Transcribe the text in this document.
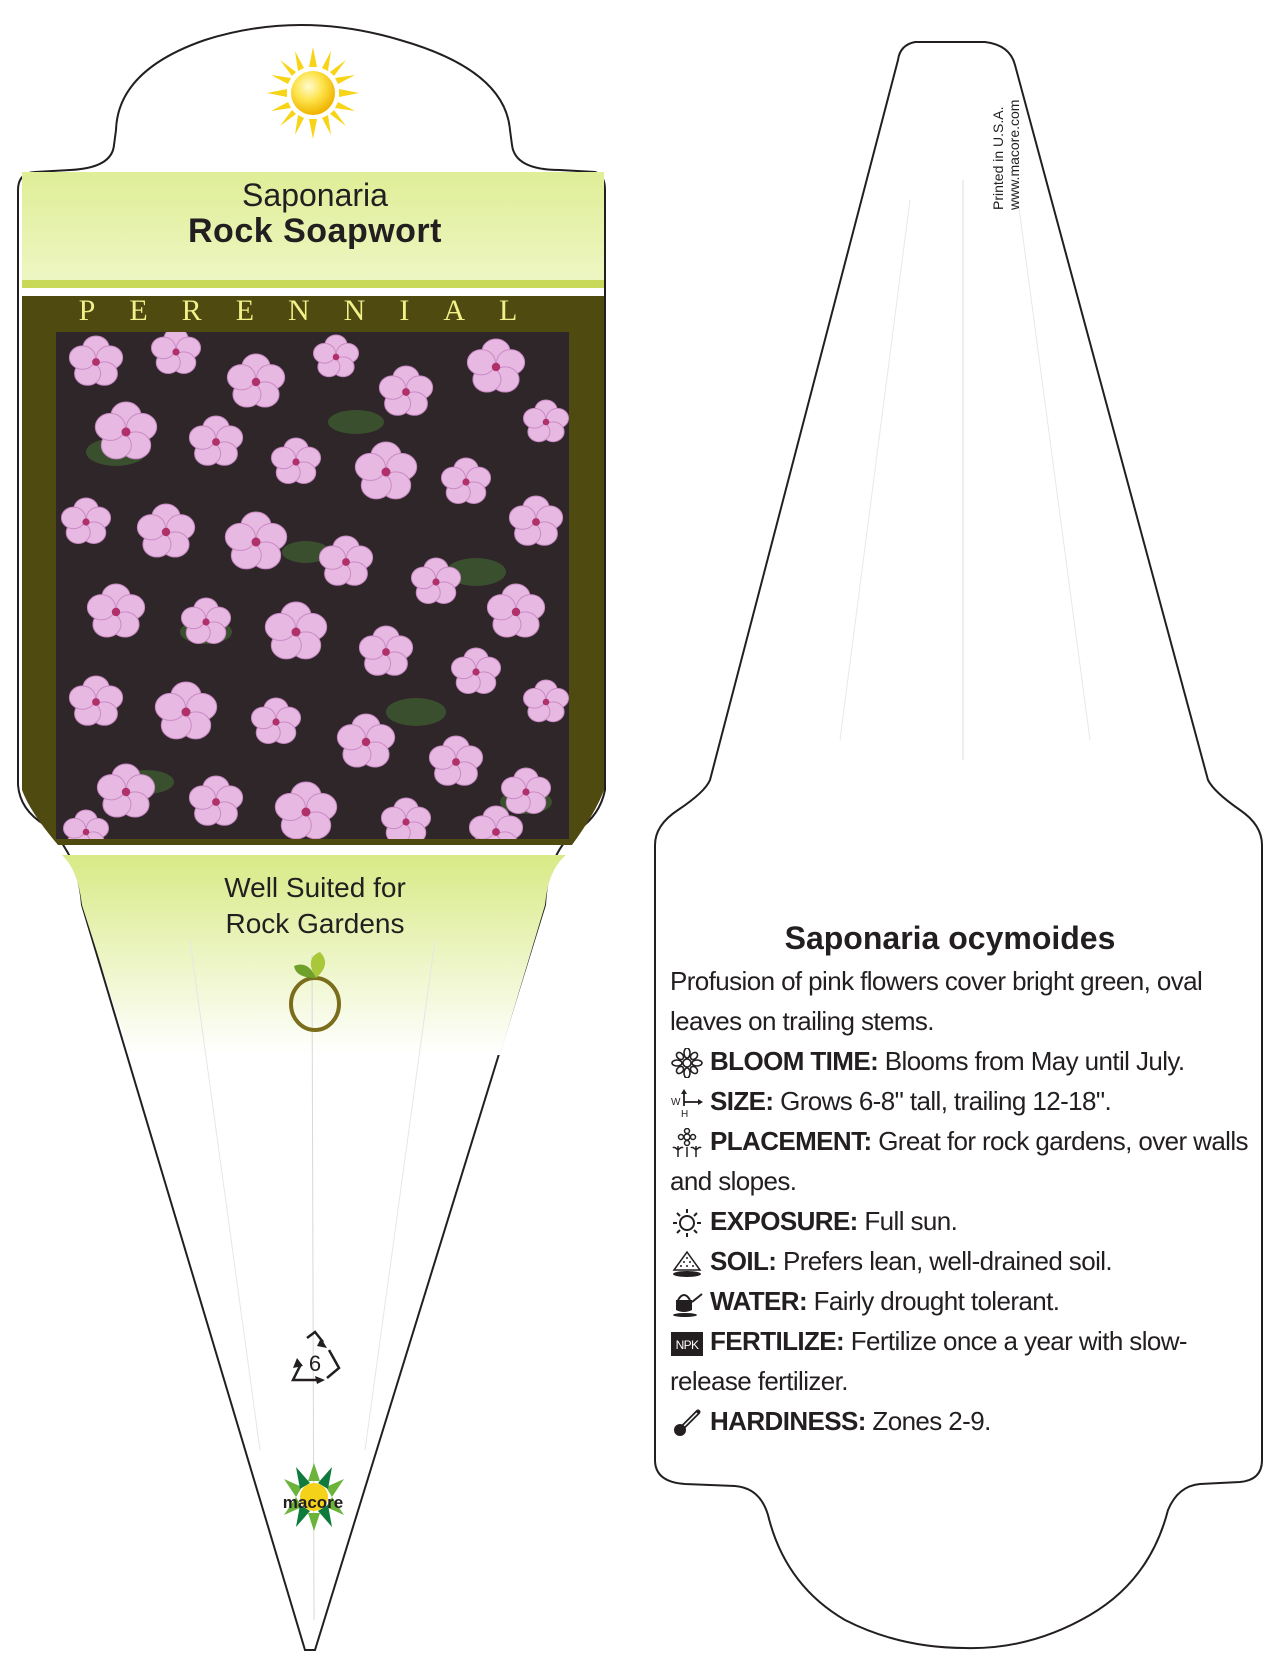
Saponaria
Rock Soapwort
PERENNIAL
Well Suited for
Rock Gardens
6
macore
Printed in U.S.A.
www.macore.com
Saponaria ocymoides
Profusion of pink flowers cover bright green, oval leaves on trailing stems.
BLOOM TIME: Blooms from May until July.
W
H SIZE: Grows 6-8" tall, trailing 12-18".
PLACEMENT: Great for rock gardens, over walls and slopes.
EXPOSURE: Full sun.
SOIL: Prefers lean, well-drained soil.
WATER: Fairly drought tolerant.
NPK FERTILIZE: Fertilize once a year with slow-release fertilizer.
HARDINESS: Zones 2-9.
